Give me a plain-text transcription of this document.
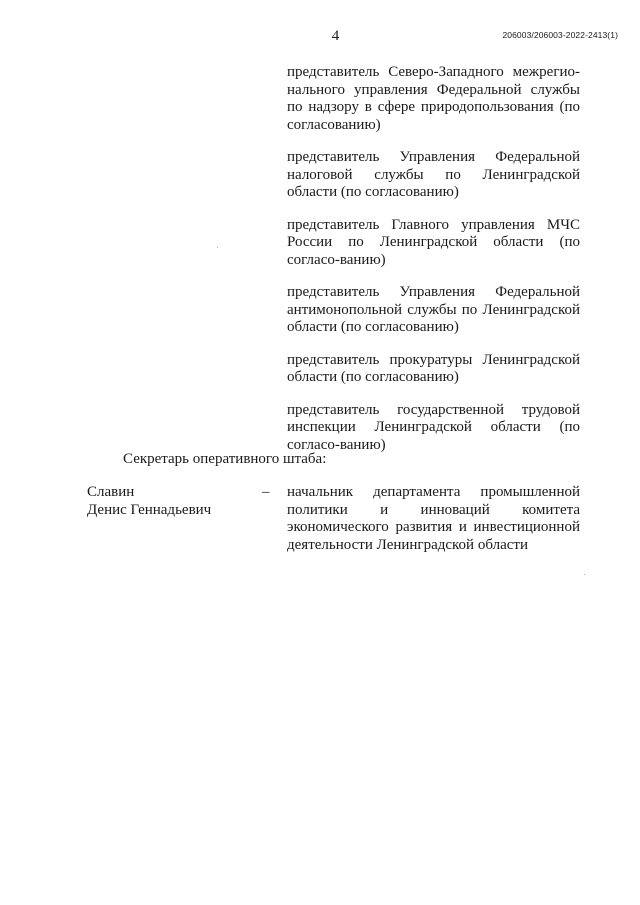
4	206003/206003-2022-2413(1)
представитель Северо-Западного межрегио-нального управления Федеральной службы по надзору в сфере природопользования (по согласованию)
представитель Управления Федеральной налоговой службы по Ленинградской области (по согласованию)
представитель Главного управления МЧС России по Ленинградской области (по согласо-ванию)
представитель Управления Федеральной антимонопольной службы по Ленинградской области (по согласованию)
представитель прокуратуры Ленинградской области (по согласованию)
представитель государственной трудовой инспекции Ленинградской области (по согласо-ванию)
Секретарь оперативного штаба:
Славин
Денис Геннадьевич
– начальник департамента промышленной политики и инноваций комитета экономического развития и инвестиционной деятельности Ленинградской области
